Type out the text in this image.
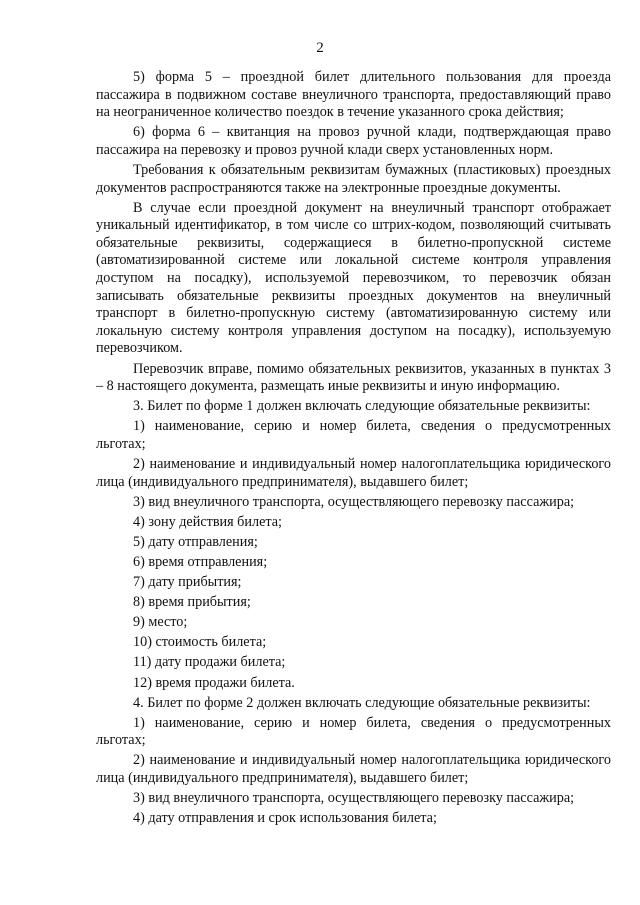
2

5) форма 5 – проездной билет длительного пользования для проезда пассажира в подвижном составе внеуличного транспорта, предоставляющий право на неограниченное количество поездок в течение указанного срока действия;

6) форма 6 – квитанция на провоз ручной клади, подтверждающая право пассажира на перевозку и провоз ручной клади сверх установленных норм.

Требования к обязательным реквизитам бумажных (пластиковых) проездных документов распространяются также на электронные проездные документы.

В случае если проездной документ на внеуличный транспорт отображает уникальный идентификатор, в том числе со штрих-кодом, позволяющий считывать обязательные реквизиты, содержащиеся в билетно-пропускной системе (автоматизированной системе или локальной системе контроля управления доступом на посадку), используемой перевозчиком, то перевозчик обязан записывать обязательные реквизиты проездных документов на внеуличный транспорт в билетно-пропускную систему (автоматизированную систему или локальную систему контроля управления доступом на посадку), используемую перевозчиком.

Перевозчик вправе, помимо обязательных реквизитов, указанных в пунктах 3 – 8 настоящего документа, размещать иные реквизиты и иную информацию.

3. Билет по форме 1 должен включать следующие обязательные реквизиты:

1) наименование, серию и номер билета, сведения о предусмотренных льготах;

2) наименование и индивидуальный номер налогоплательщика юридического лица (индивидуального предпринимателя), выдавшего билет;

3) вид внеуличного транспорта, осуществляющего перевозку пассажира;

4) зону действия билета;

5) дату отправления;

6) время отправления;

7) дату прибытия;

8) время прибытия;

9) место;

10) стоимость билета;

11) дату продажи билета;

12) время продажи билета.

4. Билет по форме 2 должен включать следующие обязательные реквизиты:

1) наименование, серию и номер билета, сведения о предусмотренных льготах;

2) наименование и индивидуальный номер налогоплательщика юридического лица (индивидуального предпринимателя), выдавшего билет;

3) вид внеуличного транспорта, осуществляющего перевозку пассажира;

4) дату отправления и срок использования билета;
